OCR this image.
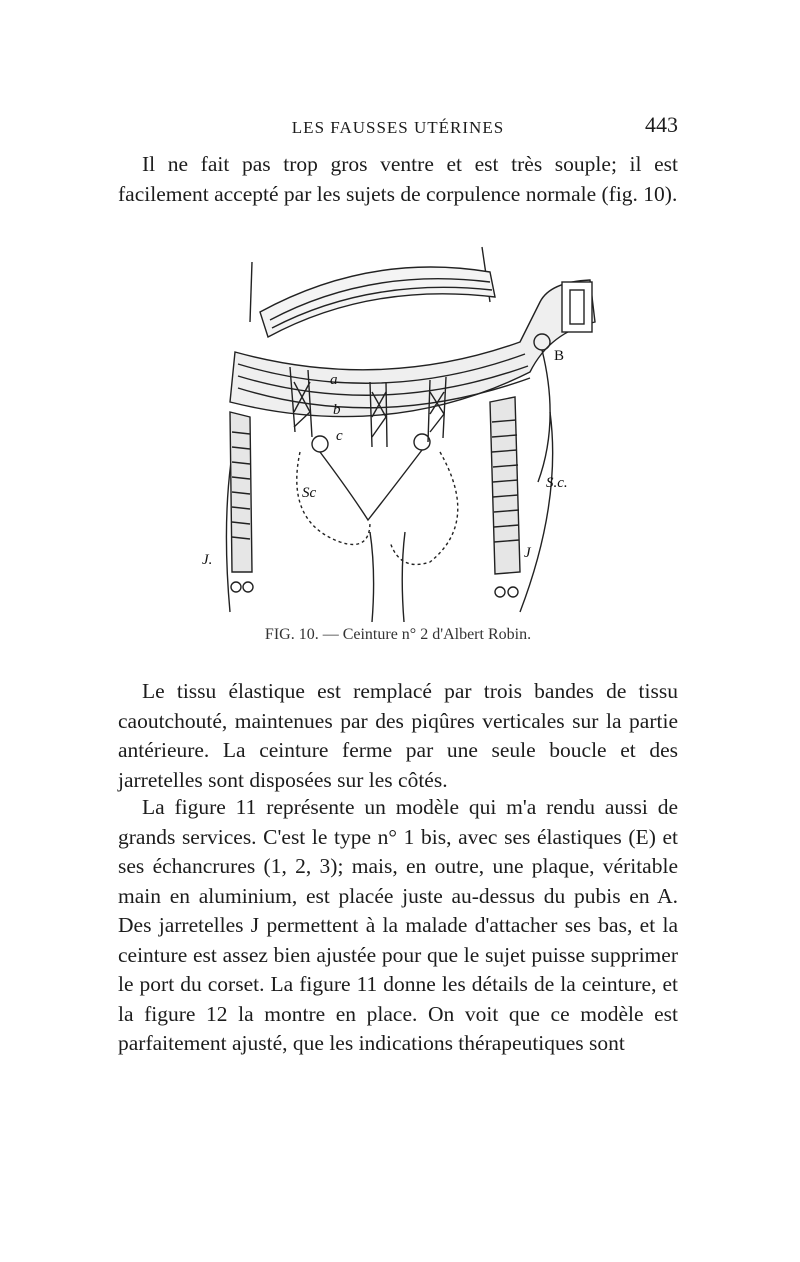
LES FAUSSES UTÉRINES	443

Il ne fait pas trop gros ventre et est très souple; il est facilement accepté par les sujets de corpulence normale (fig. 10).

a
b
c
B
Sc
S.c.
J.	J
FIG. 10. — Ceinture n° 2 d'Albert Robin.

Le tissu élastique est remplacé par trois bandes de tissu caoutchouté, maintenues par des piqûres verticales sur la partie antérieure. La ceinture ferme par une seule boucle et des jarretelles sont disposées sur les côtés.

La figure 11 représente un modèle qui m'a rendu aussi de grands services. C'est le type n° 1 bis, avec ses élastiques (E) et ses échancrures (1, 2, 3); mais, en outre, une plaque, véritable main en aluminium, est placée juste au-dessus du pubis en A. Des jarretelles J permettent à la malade d'attacher ses bas, et la ceinture est assez bien ajustée pour que le sujet puisse supprimer le port du corset. La figure 11 donne les détails de la ceinture, et la figure 12 la montre en place. On voit que ce modèle est parfaitement ajusté, que les indications thérapeutiques sont
